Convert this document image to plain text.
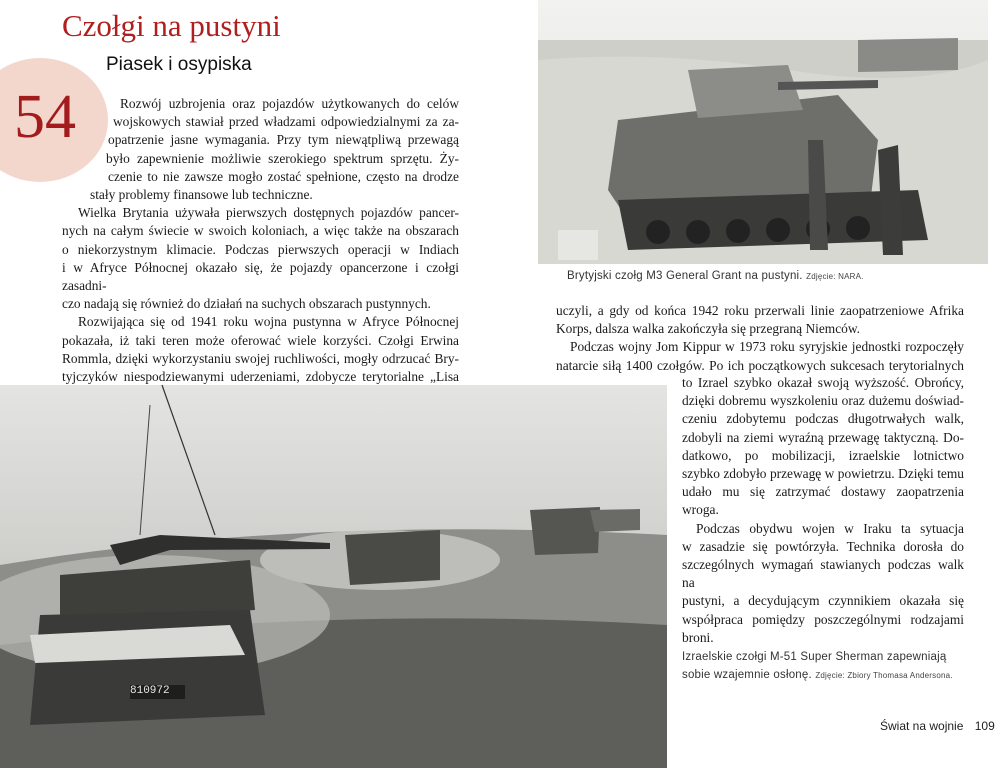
Czołgi na pustyni
Piasek i osypiska
54	Rozwój uzbrojenia oraz pojazdów użytkowanych do celów
wojskowych stawiał przed władzami odpowiedzialnymi za za-
opatrzenie jasne wymagania. Przy tym niewątpliwą przewagą
było zapewnienie możliwie szerokiego spektrum sprzętu. Ży-
czenie to nie zawsze mogło zostać spełnione, często na drodze
stały problemy finansowe lub techniczne.
Wielka Brytania używała pierwszych dostępnych pojazdów pancer-
nych na całym świecie w swoich koloniach, a więc także na obszarach
o niekorzystnym klimacie. Podczas pierwszych operacji w Indiach
i w Afryce Północnej okazało się, że pojazdy opancerzone i czołgi zasadni-
czo nadają się również do działań na suchych obszarach pustynnych.
Rozwijająca się od 1941 roku wojna pustynna w Afryce Północnej
pokazała, iż taki teren może oferować wiele korzyści. Czołgi Erwina
Rommla, dzięki wykorzystaniu swojej ruchliwości, mogły odrzucać Bry-
tyjczyków niespodziewanymi uderzeniami, zdobycze terytorialne „Lisa
Brytyjski czołg M3 General Grant na pustyni. Zdjęcie: NARA.
uczyli, a gdy od końca 1942 roku przerwali linie zaopatrzeniowe Afrika
Korps, dalsza walka zakończyła się przegraną Niemców.
Podczas wojny Jom Kippur w 1973 roku syryjskie jednostki rozpoczęły
natarcie siłą 1400 czołgów. Po ich początkowych sukcesach terytorialnych
810972
to Izrael szybko okazał swoją wyższość. Obrońcy,
dzięki dobremu wyszkoleniu oraz dużemu doświad-
czeniu zdobytemu podczas długotrwałych walk,
zdobyli na ziemi wyraźną przewagę taktyczną. Do-
datkowo, po mobilizacji, izraelskie lotnictwo
szybko zdobyło przewagę w powietrzu. Dzięki temu
udało mu się zatrzymać dostawy zaopatrzenia
wroga.
Podczas obydwu wojen w Iraku ta sytuacja
w zasadzie się powtórzyła. Technika dorosła do
szczególnych wymagań stawianych podczas walk na
pustyni, a decydującym czynnikiem okazała się
współpraca pomiędzy poszczególnymi rodzajami
broni.
Izraelskie czołgi M-51 Super Sherman zapewniają
sobie wzajemnie osłonę. Zdjęcie: Zbiory Thomasa Andersona.
Świat na wojnie 109
